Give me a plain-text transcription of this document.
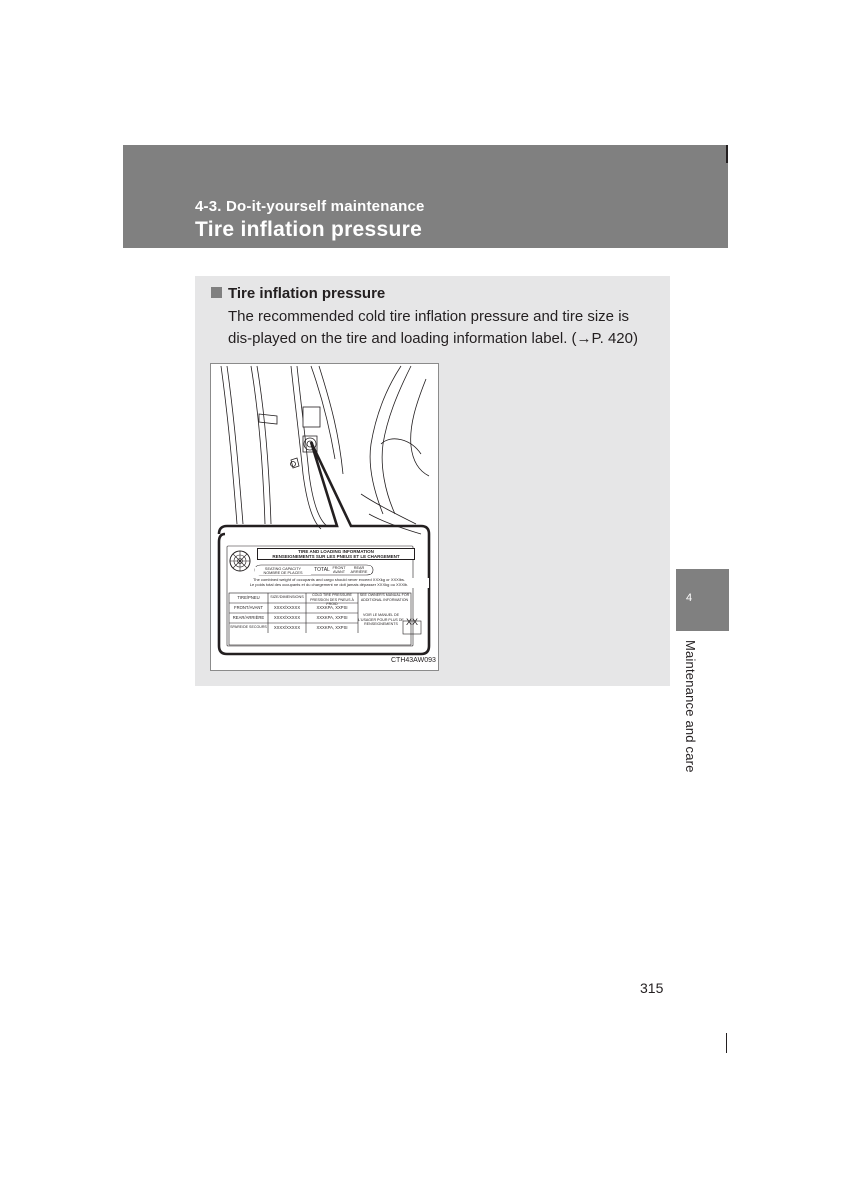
4-3. Do-it-yourself maintenance
Tire inflation pressure
Tire inflation pressure
The recommended cold tire inflation pressure and tire size is dis-played on the tire and loading information label. (→P. 420)
TIRE AND LOADING INFORMATION
RENSEIGNEMENTS SUR LES PNEUS ET LE CHARGEMENT
SEATING CAPACITY
NOMBRE DE PLACES	TOTAL FRONT
AVANT
REAR
ARRIÈRE
The combined weight of occupants and cargo should never exceed XXXkg or XXXlbs.
Le poids total des occupants et du chargement ne doit jamais dépasser XXXkg ou XXXlb.
TIRE/PNEU	SIZE/DIMENSIONS	COLD TIRE PRESSURE
PRESSION DES PNEUS À FROID
SEE OWNER'S MANUAL FOR ADDITIONAL INFORMATION
FRONT/AVANT	XXXX/XXXXX	XXXKPA, XXPSI
REAR/ARRIÈRE	XXXX/XXXXX	XXXKPA, XXPSI
SPARE/DE SECOURS	XXXX/XXXXX	XXXKPA, XXPSI
VOIR LE MANUEL DE L'USAGER POUR PLUS DE RENSEIGNEMENTS XX
CTH43AW093
4
Maintenance and care
315
